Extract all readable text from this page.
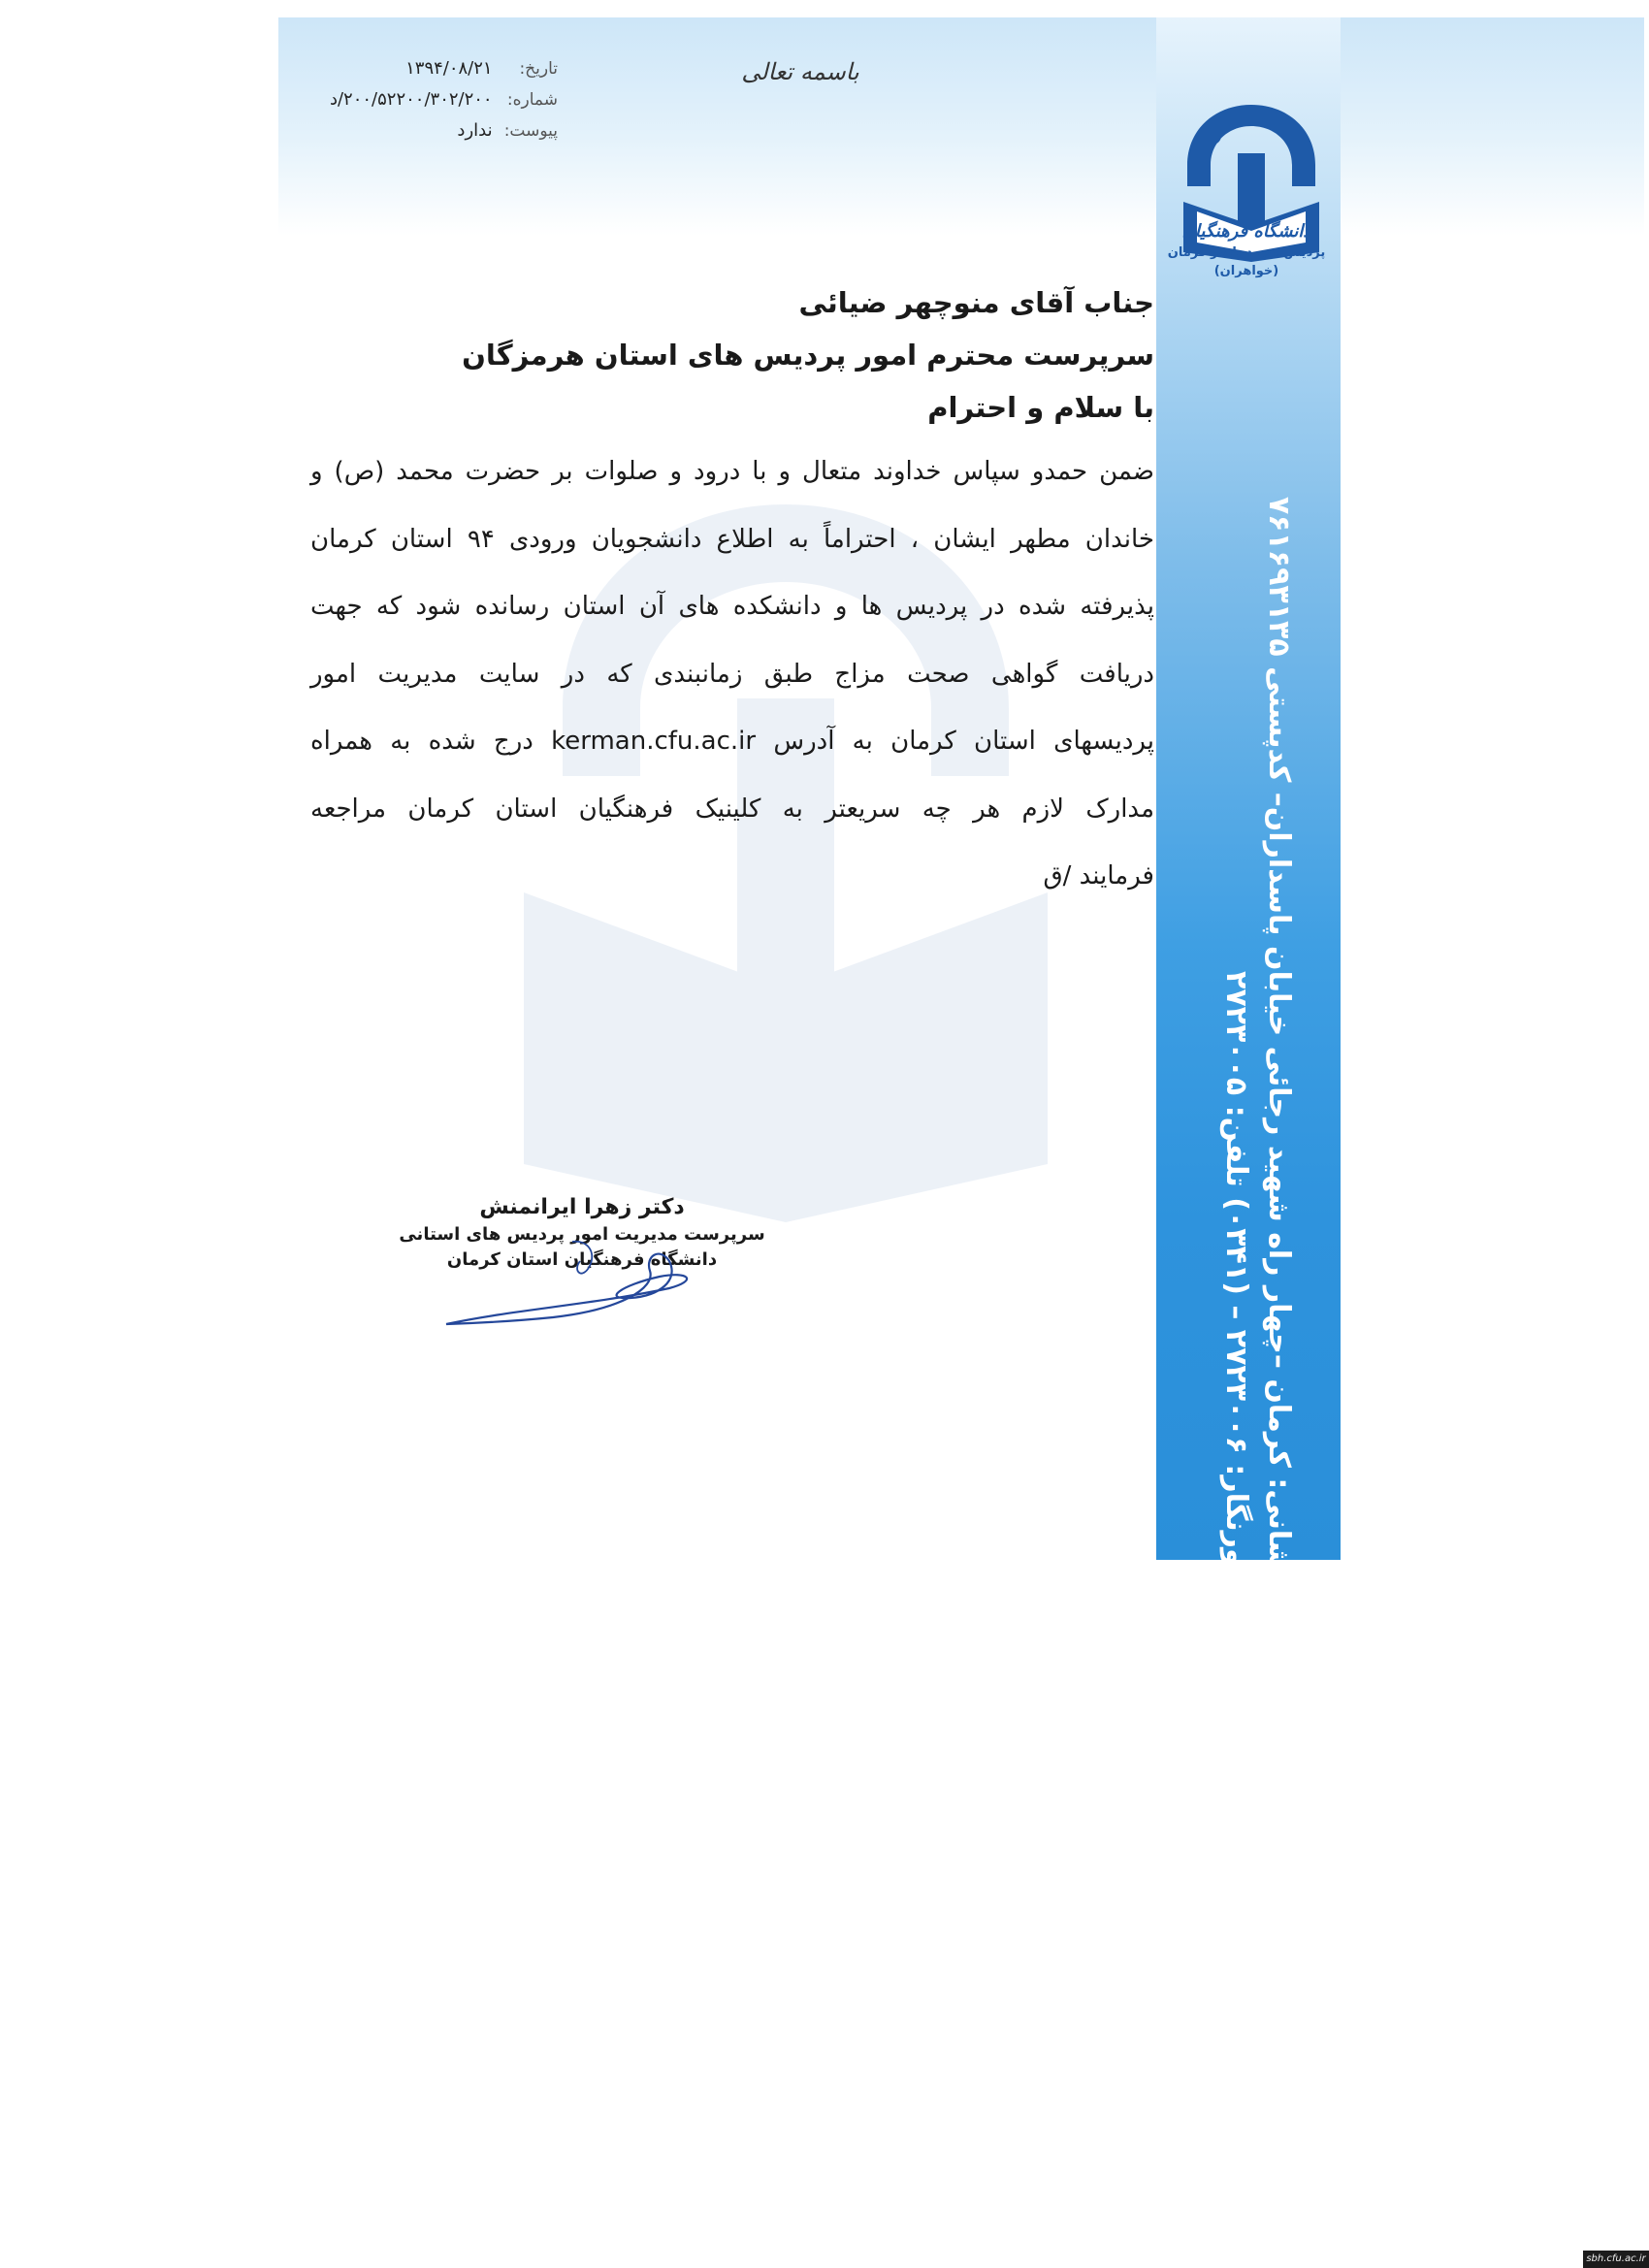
دانشگاه فرهنگیان
پردیس شهید باهنر کرمان
(خواهران)
نشانی: کرمان –چهار راه شهید رجائی خیابان پاسداران– کدپستی ۷۶۱۶۹۳۱۳۵ دورنگار: ۲۷۲۳۰۰۶ – (۰۳۴۱) تلفن: ۲۷۲۳۰۰۵
تاریخ: ۱۳۹۴/۰۸/۲۱
شماره: ۲۰۰/۵۲۲۰۰/۳۰۲/۲۰۰/د
پیوست: ندارد
باسمه تعالی
جناب آقای منوچهر ضیائی
سرپرست محترم امور پردیس های استان هرمزگان
با سلام و احترام
ضمن حمدو سپاس خداوند متعال و با درود و صلوات بر حضرت محمد (ص) و
خاندان مطهر ایشان ، احتراماً به اطلاع دانشجویان ورودی ۹۴ استان کرمان
پذیرفته شده در پردیس ها و دانشکده های آن استان رسانده شود که جهت
دریافت گواهی صحت مزاج طبق زمانبندی که در سایت مدیریت امور
پردیسهای استان کرمان به آدرس kerman.cfu.ac.ir درج شده به همراه
مدارک لازم هر چه سریعتر به کلینیک فرهنگیان استان کرمان مراجعه
فرمایند /ق
دکتر زهرا ایرانمنش
سرپرست مدیریت امور پردیس های استانی
دانشگاه فرهنگیان استان کرمان
sbh.cfu.ac.ir
